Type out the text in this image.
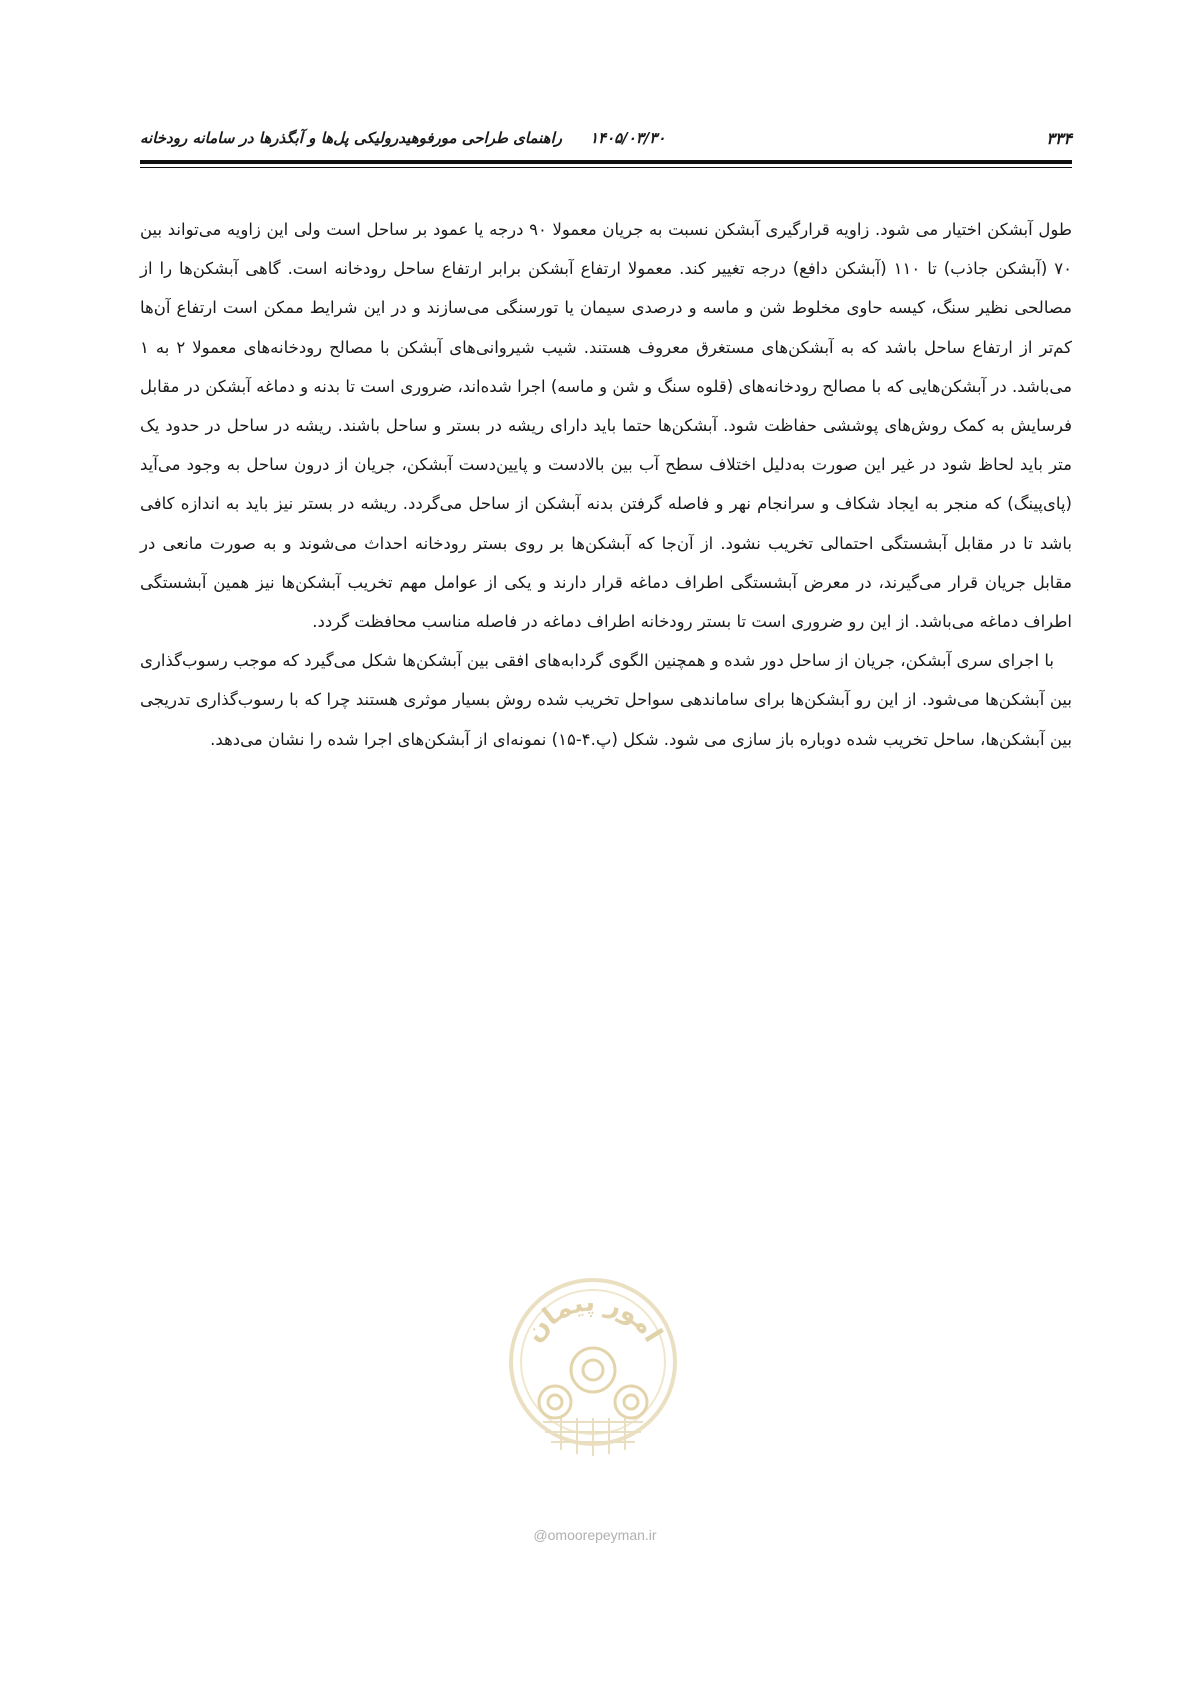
۳۳۴
۱۴۰۵/۰۳/۳۰
راهنمای طراحی مورفوهیدرولیکی پل‌ها و آبگذرها در سامانه رودخانه

طول آبشکن اختیار می شود. زاویه قرارگیری آبشکن نسبت به جریان معمولا ۹۰ درجه یا عمود بر ساحل است ولی این زاویه می‌تواند بین ۷۰ (آبشکن جاذب) تا ۱۱۰ (آبشکن دافع) درجه تغییر کند. معمولا ارتفاع آبشکن برابر ارتفاع ساحل رودخانه است. گاهی آبشکن‌ها را از مصالحی نظیر سنگ، کیسه حاوی مخلوط شن و ماسه و درصدی سیمان یا تورسنگی می‌سازند و در این شرایط ممکن است ارتفاع آن‌ها کم‌تر از ارتفاع ساحل باشد که به آبشکن‌های مستغرق معروف هستند. شیب شیروانی‌های آبشکن با مصالح رودخانه‌های معمولا ۲ به ۱ می‌باشد. در آبشکن‌هایی که با مصالح رودخانه‌های (قلوه سنگ و شن و ماسه) اجرا شده‌اند، ضروری است تا بدنه و دماغه آبشکن در مقابل فرسایش به کمک روش‌های پوششی حفاظت شود. آبشکن‌ها حتما باید دارای ریشه در بستر و ساحل باشند. ریشه در ساحل در حدود یک متر باید لحاظ شود در غیر این صورت به‌دلیل اختلاف سطح آب بین بالادست و پایین‌دست آبشکن، جریان از درون ساحل به وجود می‌آید (پای‌پینگ) که منجر به ایجاد شکاف و سرانجام نهر و فاصله گرفتن بدنه آبشکن از ساحل می‌گردد. ریشه در بستر نیز باید به اندازه کافی باشد تا در مقابل آبشستگی احتمالی تخریب نشود. از آن‌جا که آبشکن‌ها بر روی بستر رودخانه احداث می‌شوند و به صورت مانعی در مقابل جریان قرار می‌گیرند، در معرض آبشستگی اطراف دماغه قرار دارند و یکی از عوامل مهم تخریب آبشکن‌ها نیز همین آبشستگی اطراف دماغه می‌باشد. از این رو ضروری است تا بستر رودخانه اطراف دماغه در فاصله مناسب محافظت گردد.

با اجرای سری آبشکن، جریان از ساحل دور شده و همچنین الگوی گردابه‌های افقی بین آبشکن‌ها شکل می‌گیرد که موجب رسوب‌گذاری بین آبشکن‌ها می‌شود. از این رو آبشکن‌ها برای ساماندهی سواحل تخریب شده روش بسیار موثری هستند چرا که با رسوب‌گذاری تدریجی بین آبشکن‌ها، ساحل تخریب شده دوباره باز سازی می شود. شکل (پ.۴-۱۵) نمونه‌ای از آبشکن‌های اجرا شده را نشان می‌دهد.

امور پیمان
@omoorepeyman.ir
